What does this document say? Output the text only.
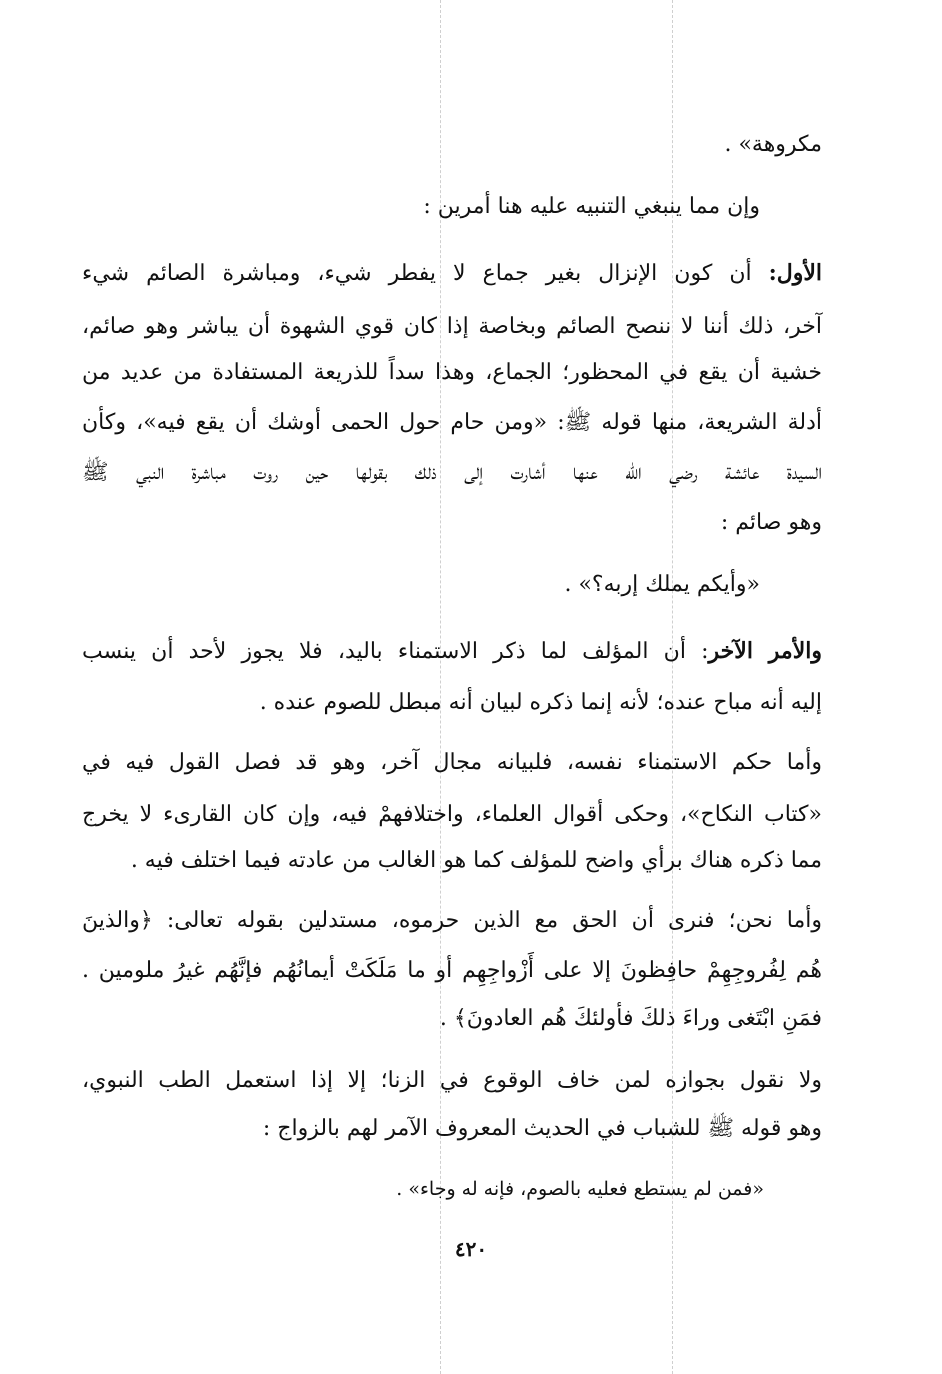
مكروهة» .
وإن مما ينبغي التنبيه عليه هنا أمرين :
الأول: أن كون الإنزال بغير جماع لا يفطر شيء، ومباشرة الصائم شيء
آخر، ذلك أننا لا ننصح الصائم وبخاصة إذا كان قوي الشهوة أن يباشر وهو صائم،
خشية أن يقع في المحظور؛ الجماع، وهذا سداً للذريعة المستفادة من عديد من
أدلة الشريعة، منها قوله ﷺ: «ومن حام حول الحمى أوشك أن يقع فيه»، وكأن
السيدة عائشة رضي الله عنها أشارت إلى ذلك بقولها حين روت مباشرة النبي ﷺ
وهو صائم :
«وأيكم يملك إربه؟» .
والأمر الآخر: أن المؤلف لما ذكر الاستمناء باليد، فلا يجوز لأحد أن ينسب
إليه أنه مباح عنده؛ لأنه إنما ذكره لبيان أنه مبطل للصوم عنده .
وأما حكم الاستمناء نفسه، فلبيانه مجال آخر، وهو قد فصل القول فيه في
«كتاب النكاح»، وحكى أقوال العلماء، واختلافهمْ فيه، وإن كان القارىء لا يخرج
مما ذكره هناك برأي واضح للمؤلف كما هو الغالب من عادته فيما اختلف فيه .
وأما نحن؛ فنرى أن الحق مع الذين حرموه، مستدلين بقوله تعالى: ﴿والذينَ
هُم لِفُروجِهِمْ حافِظونَ إلا على أَزْواجِهِم أو ما مَلَكَتْ أيمانُهُم فإنَّهُم غيرُ ملومين .
فمَنِ ابْتَغى وراءَ ذلكَ فأولئكَ هُم العادونَ﴾ .
ولا نقول بجوازه لمن خاف الوقوع في الزنا؛ إلا إذا استعمل الطب النبوي،
وهو قوله ﷺ للشباب في الحديث المعروف الآمر لهم بالزواج :
«فمن لم يستطع فعليه بالصوم، فإنه له وجاء» .
٤٢٠
